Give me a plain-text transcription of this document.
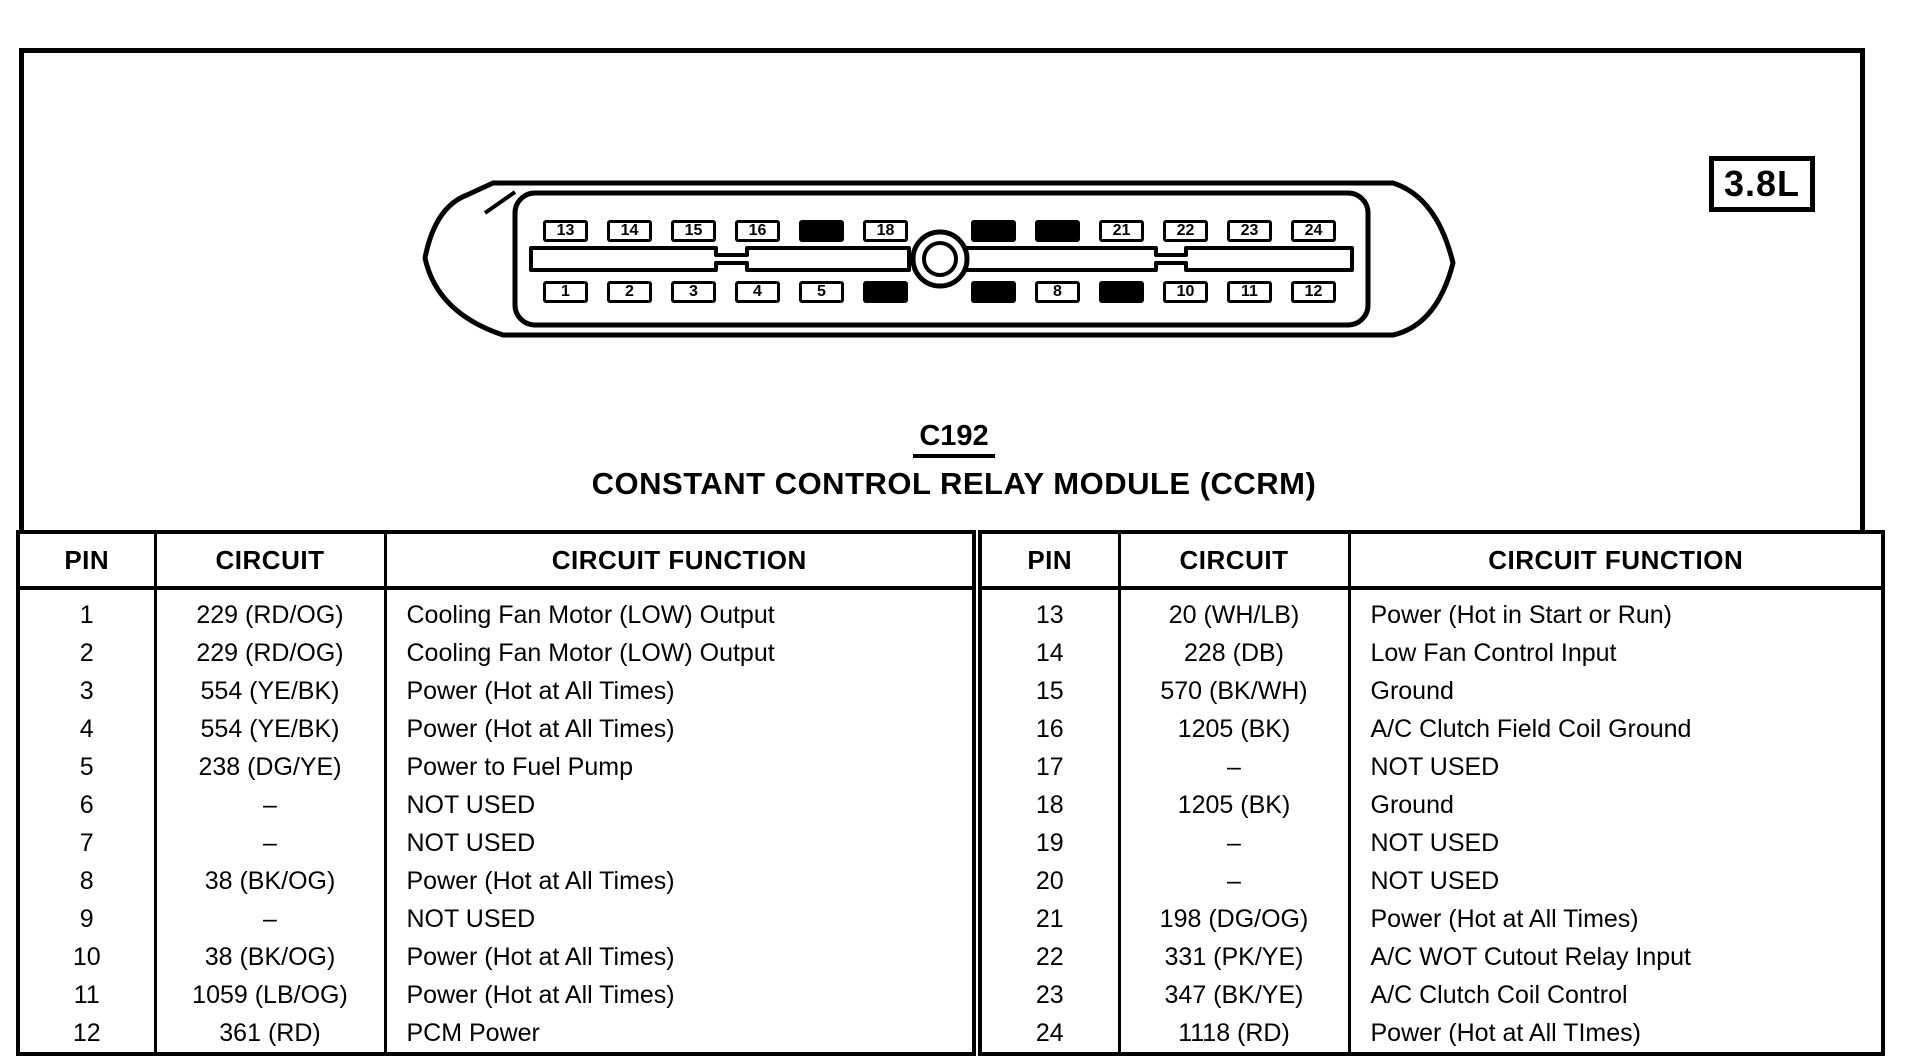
3.8L
13	14	15	16	18	21	22	23	24
1	2	3	4	5	8	10	11	12
C192
CONSTANT CONTROL RELAY MODULE (CCRM)
PIN	CIRCUIT	CIRCUIT FUNCTION
1	229 (RD/OG)	Cooling Fan Motor (LOW) Output
2	229 (RD/OG)	Cooling Fan Motor (LOW) Output
3	554 (YE/BK)	Power (Hot at All Times)
4	554 (YE/BK)	Power (Hot at All Times)
5	238 (DG/YE)	Power to Fuel Pump
6	–	NOT USED
7	–	NOT USED
8	38 (BK/OG)	Power (Hot at All Times)
9	–	NOT USED
10	38 (BK/OG)	Power (Hot at All Times)
11	1059 (LB/OG)	Power (Hot at All Times)
12	361 (RD)	PCM Power
PIN	CIRCUIT	CIRCUIT FUNCTION
13	20 (WH/LB)	Power (Hot in Start or Run)
14	228 (DB)	Low Fan Control Input
15	570 (BK/WH)	Ground
16	1205 (BK)	A/C Clutch Field Coil Ground
17	–	NOT USED
18	1205 (BK)	Ground
19	–	NOT USED
20	–	NOT USED
21	198 (DG/OG)	Power (Hot at All Times)
22	331 (PK/YE)	A/C WOT Cutout Relay Input
23	347 (BK/YE)	A/C Clutch Coil Control
24	1118 (RD)	Power (Hot at All TImes)
